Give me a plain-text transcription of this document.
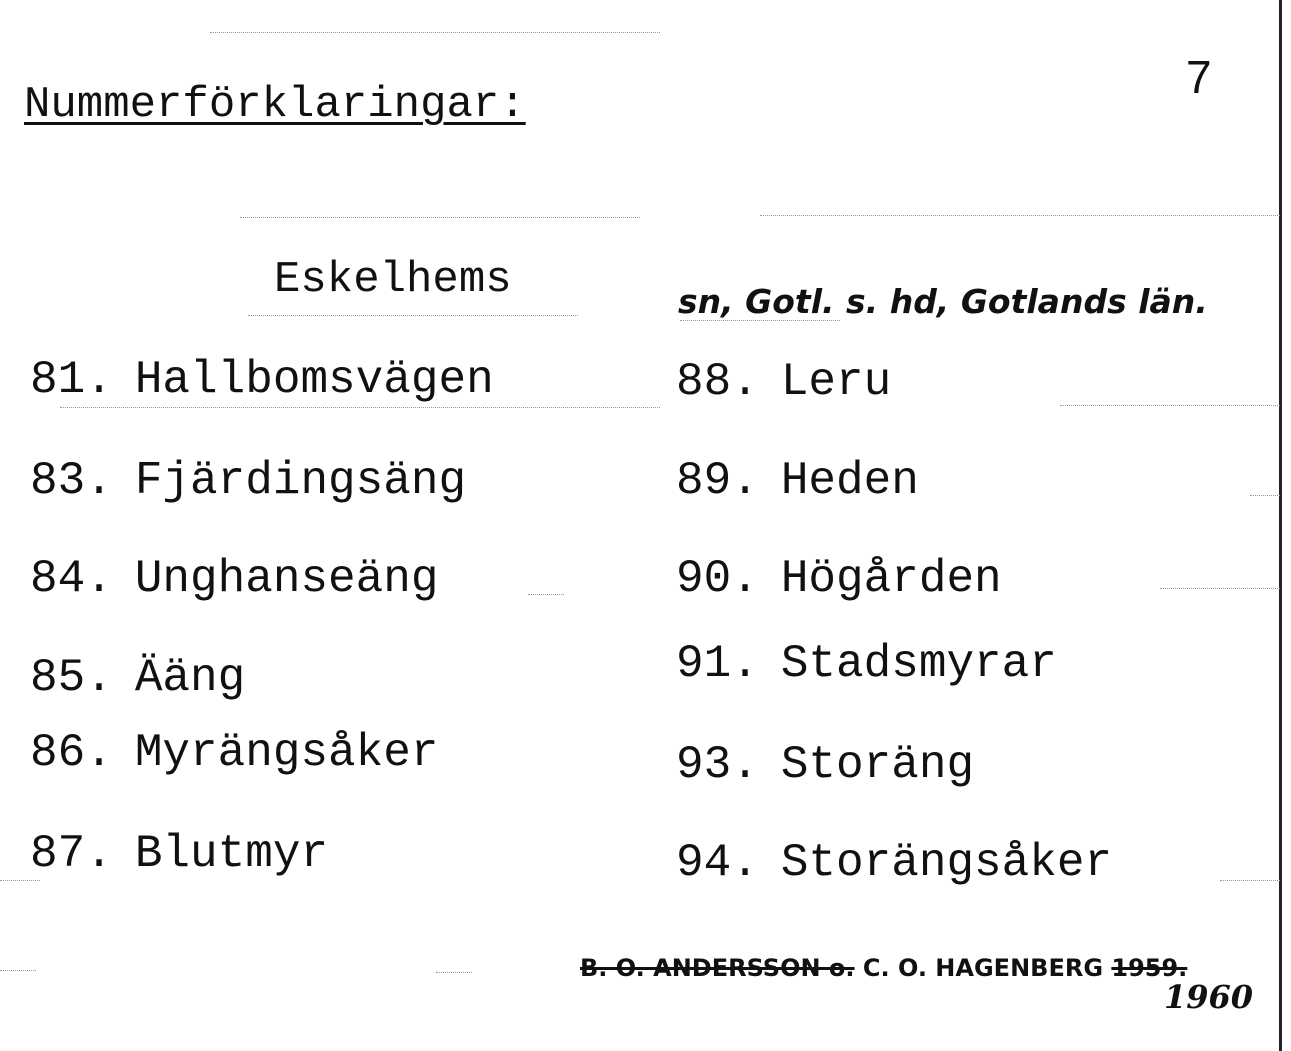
Nummerförklaringar:
7
Eskelhems	sn, Gotl. s. hd, Gotlands län.
81. Hallbomsvägen
83. Fjärdingsäng
84. Unghanseäng
85. Ääng
86. Myrängsåker
87. Blutmyr
88. Leru
89. Heden
90. Högården
91. Stadsmyrar
93. Storäng
94. Storängsåker
B. O. ANDERSSON o. C. O. HAGENBERG 1959.
1960
